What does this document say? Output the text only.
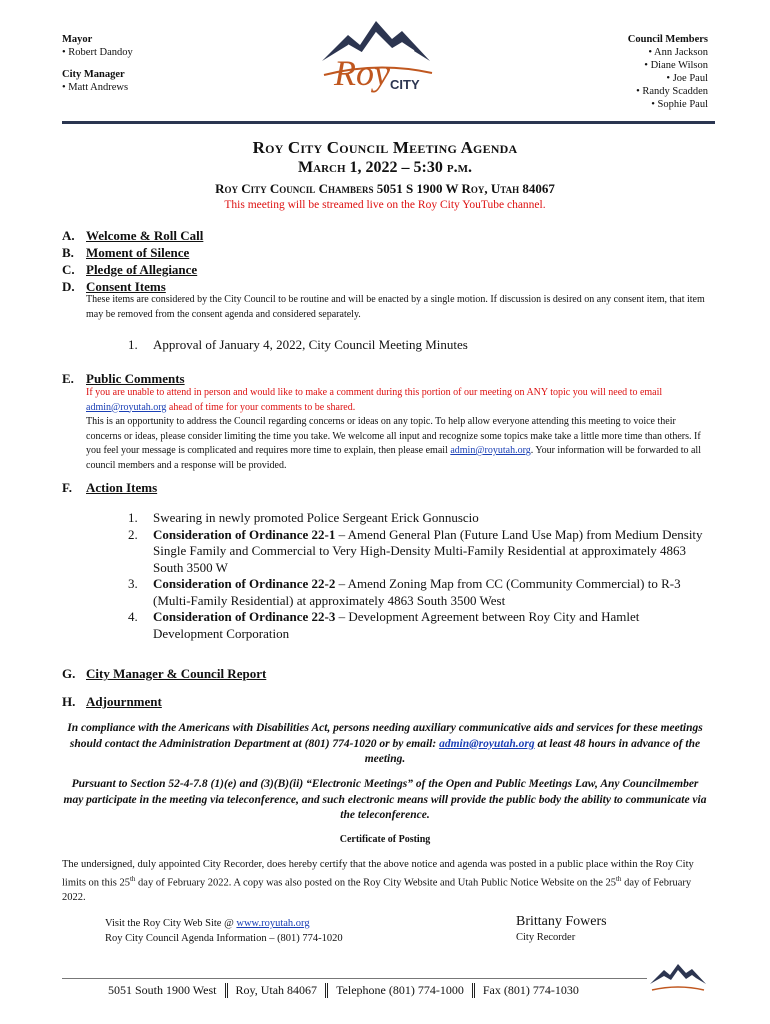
Mayor
• Robert Dandoy
City Manager
• Matt Andrews	Roy CITY
Council Members
• Ann Jackson
• Diane Wilson
• Joe Paul
• Randy Scadden
• Sophie Paul
Roy City Council Meeting Agenda
March 1, 2022 – 5:30 p.m.
Roy City Council Chambers 5051 S 1900 W Roy, Utah 84067
This meeting will be streamed live on the Roy City YouTube channel.
A. Welcome & Roll Call
B. Moment of Silence
C. Pledge of Allegiance
D. Consent Items
These items are considered by the City Council to be routine and will be enacted by a single motion. If discussion is desired on any consent item, that item may be removed from the consent agenda and considered separately.
1.	Approval of January 4, 2022, City Council Meeting Minutes
E. Public Comments
If you are unable to attend in person and would like to make a comment during this portion of our meeting on ANY topic you will need to email admin@royutah.org ahead of time for your comments to be shared.
This is an opportunity to address the Council regarding concerns or ideas on any topic. To help allow everyone attending this meeting to voice their concerns or ideas, please consider limiting the time you take. We welcome all input and recognize some topics make take a little more time than others. If you feel your message is complicated and requires more time to explain, then please email admin@royutah.org. Your information will be forwarded to all council members and a response will be provided.
F. Action Items
1.	Swearing in newly promoted Police Sergeant Erick Gonnuscio
2.	Consideration of Ordinance 22-1 – Amend General Plan (Future Land Use Map) from Medium Density Single Family and Commercial to Very High-Density Multi-Family Residential at approximately 4863 South 3500 W
3.	Consideration of Ordinance 22-2 – Amend Zoning Map from CC (Community Commercial) to R-3 (Multi-Family Residential) at approximately 4863 South 3500 West
4.	Consideration of Ordinance 22-3 – Development Agreement between Roy City and Hamlet Development Corporation
G. City Manager & Council Report
H. Adjournment
In compliance with the Americans with Disabilities Act, persons needing auxiliary communicative aids and services for these meetings should contact the Administration Department at (801) 774-1020 or by email: admin@royutah.org at least 48 hours in advance of the meeting.
Pursuant to Section 52-4-7.8 (1)(e) and (3)(B)(ii) “Electronic Meetings” of the Open and Public Meetings Law, Any Councilmember may participate in the meeting via teleconference, and such electronic means will provide the public body the ability to communicate via the teleconference.
Certificate of Posting
The undersigned, duly appointed City Recorder, does hereby certify that the above notice and agenda was posted in a public place within the Roy City limits on this 25th day of February 2022. A copy was also posted on the Roy City Website and Utah Public Notice Website on the 25th day of February 2022.
Visit the Roy City Web Site @ www.royutah.org
Roy City Council Agenda Information – (801) 774-1020
Brittany Fowers
City Recorder
5051 South 1900 West	Roy, Utah 84067	Telephone (801) 774-1000	Fax (801) 774-1030
